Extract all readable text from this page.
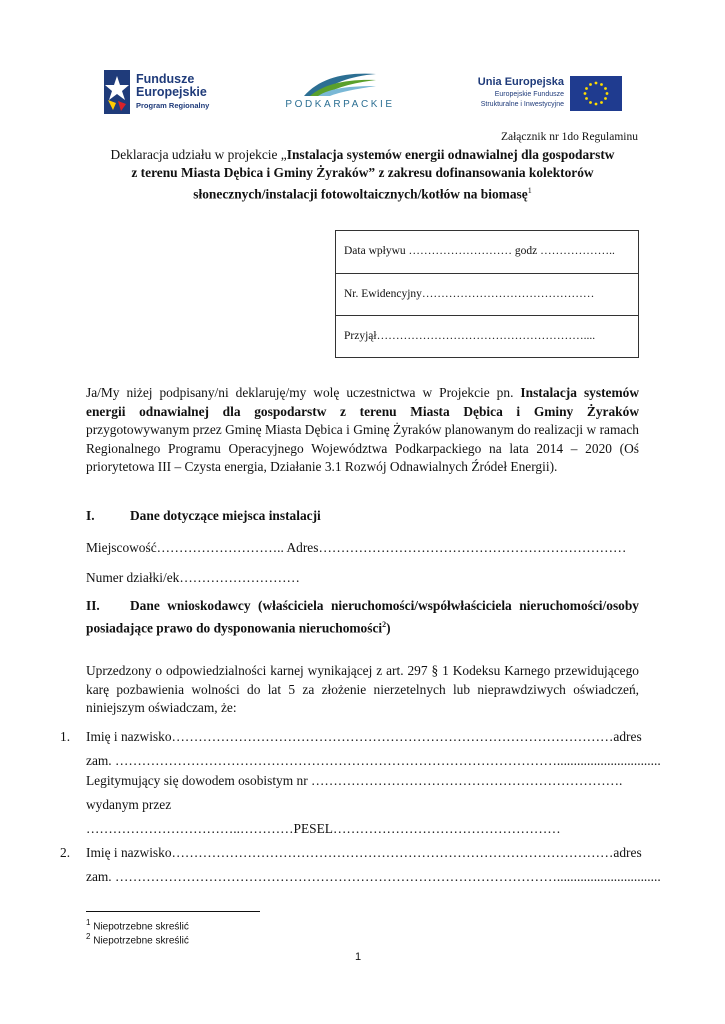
Fundusze
Europejskie
Program Regionalny	PODKARPACKIE
Unia Europejska
Europejskie Fundusze
Strukturalne i Inwestycyjne
Załącznik nr 1do Regulaminu
Deklaracja udziału w projekcie „Instalacja systemów energii odnawialnej dla gospodarstw
z terenu Miasta Dębica i Gminy Żyraków” z zakresu dofinansowania kolektorów
słonecznych/instalacji fotowoltaicznych/kotłów na biomasę$^1$
Data wpływu ……………………… godz ………………..
Nr. Ewidencyjny………………………………………
Przyjął………………………………………………....
Ja/My niżej podpisany/ni deklaruję/my wolę uczestnictwa w Projekcie pn. Instalacja systemów energii odnawialnej dla gospodarstw z terenu Miasta Dębica i Gminy Żyraków przygotowywanym przez Gminę Miasta Dębica i Gminę Żyraków planowanym do realizacji w ramach Regionalnego Programu Operacyjnego Województwa Podkarpackiego na lata 2014 – 2020 (Oś priorytetowa III – Czysta energia, Działanie 3.1 Rozwój Odnawialnych Źródeł Energii).
I.	Dane dotyczące miejsca instalacji
Miejscowość……………………….. Adres……………………………………………………………
Numer działki/ek………………………
II. Dane wnioskodawcy (właściciela nieruchomości/współwłaściciela nieruchomości/osoby posiadające prawo do dysponowania nieruchomości$^2$)
Uprzedzony o odpowiedzialności karnej wynikającej z art. 297 § 1 Kodeksu Karnego przewidującego karę pozbawienia wolności do lat 5 za złożenie nierzetelnych lub nieprawdziwych oświadczeń, niniejszym oświadczam, że:
1. Imię i nazwisko………………………………………………………………………………………adres
zam. ………………………………………………………………………………………...............................
Legitymujący się dowodem osobistym nr …………………………………………………………….
wydanym przez
……………………………..…………PESEL……………………………………………
2. Imię i nazwisko………………………………………………………………………………………adres
zam. ………………………………………………………………………………………...............................
$^1$ Niepotrzebne skreślić
$^2$ Niepotrzebne skreślić
1
